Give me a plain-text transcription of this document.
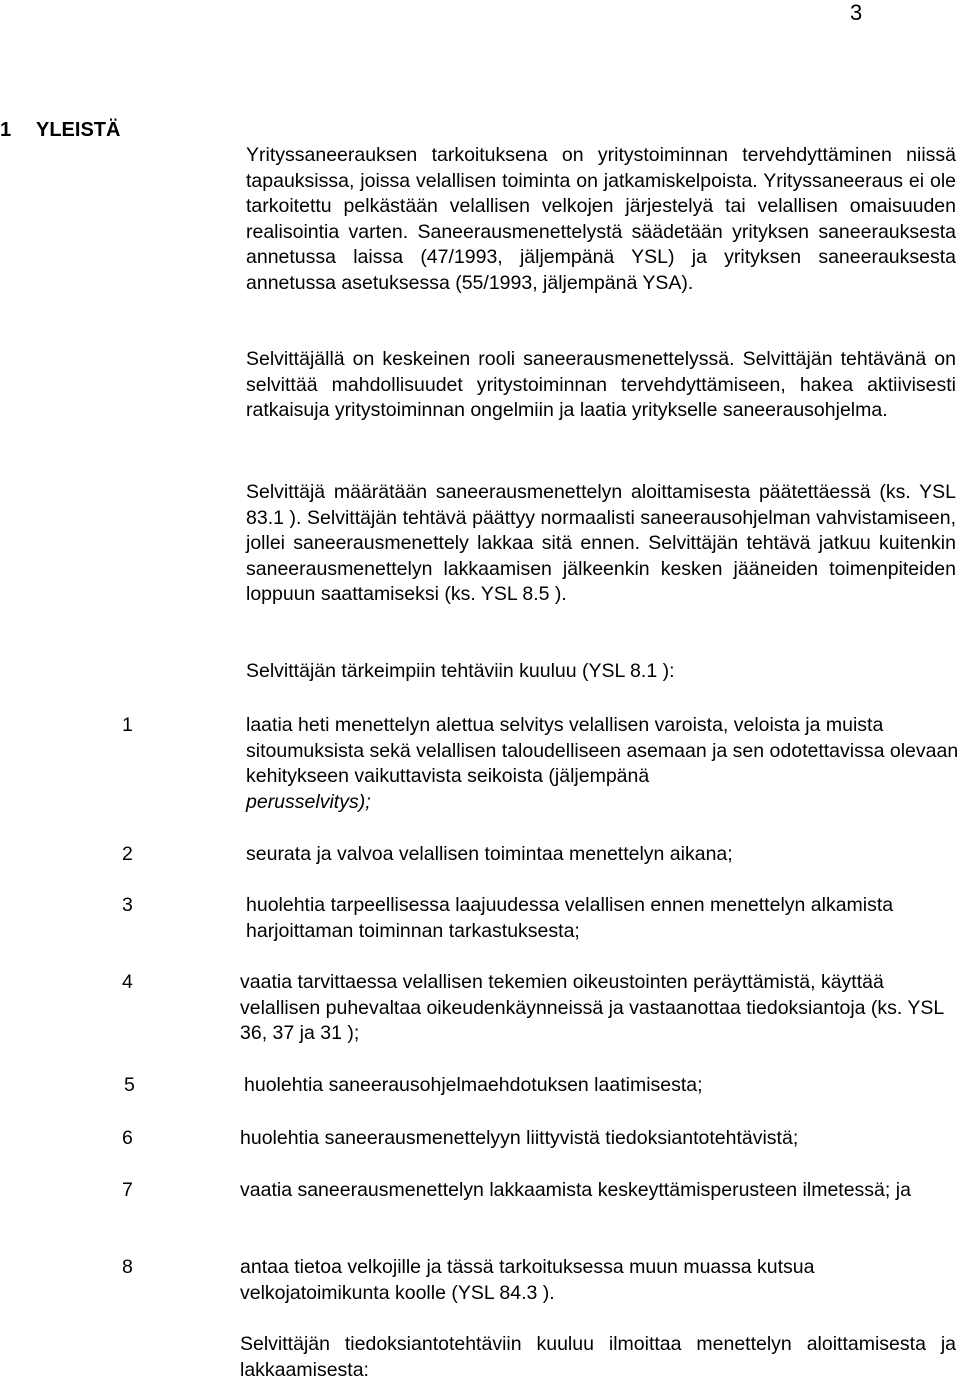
3
1 YLEISTÄ

Yrityssaneerauksen tarkoituksena on yritystoiminnan tervehdyttäminen niissä tapauksissa, joissa velallisen toiminta on jatkamiskelpoista. Yrityssaneeraus ei ole tarkoitettu pelkästään velallisen velkojen järjestelyä tai velallisen omaisuuden realisointia varten. Saneerausmenettelystä säädetään yrityksen saneerauksesta annetussa laissa (47/1993, jäljempänä YSL) ja yrityksen saneerauksesta annetussa asetuksessa (55/1993, jäljempänä YSA).

Selvittäjällä on keskeinen rooli saneerausmenettelyssä. Selvittäjän tehtävänä on selvittää mahdollisuudet yritystoiminnan tervehdyttämiseen, hakea aktiivisesti ratkaisuja yritystoiminnan ongelmiin ja laatia yritykselle saneerausohjelma.

Selvittäjä määrätään saneerausmenettelyn aloittamisesta päätettäessä (ks. YSL 83.1 ). Selvittäjän tehtävä päättyy normaalisti saneerausohjelman vahvistamiseen, jollei saneerausmenettely lakkaa sitä ennen. Selvittäjän tehtävä jatkuu kuitenkin saneerausmenettelyn lakkaamisen jälkeenkin kesken jääneiden toimenpiteiden loppuun saattamiseksi (ks. YSL 8.5 ).

Selvittäjän tärkeimpiin tehtäviin kuuluu (YSL 8.1 ):

1	laatia heti menettelyn alettua selvitys velallisen varoista, veloista ja muista sitoumuksista sekä velallisen taloudelliseen asemaan ja sen odotettavissa olevaan kehitykseen vaikuttavista seikoista (jäljempänä
perusselvitys);

2	seurata ja valvoa velallisen toimintaa menettelyn aikana;

3	huolehtia tarpeellisessa laajuudessa velallisen ennen menettelyn alkamista harjoittaman toiminnan tarkastuksesta;

4	vaatia tarvittaessa velallisen tekemien oikeustointen peräyttämistä, käyttää velallisen puhevaltaa oikeudenkäynneissä ja vastaanottaa tiedoksiantoja (ks. YSL 36, 37 ja 31 );

5	huolehtia saneerausohjelmaehdotuksen laatimisesta;

6	huolehtia saneerausmenettelyyn liittyvistä tiedoksiantotehtävistä;

7	vaatia saneerausmenettelyn lakkaamista keskeyttämisperusteen ilmetessä; ja

8	antaa tietoa velkojille ja tässä tarkoituksessa muun muassa kutsua velkojatoimikunta koolle (YSL 84.3 ).

Selvittäjän tiedoksiantotehtäviin kuuluu ilmoittaa menettelyn aloittamisesta ja lakkaamisesta:
